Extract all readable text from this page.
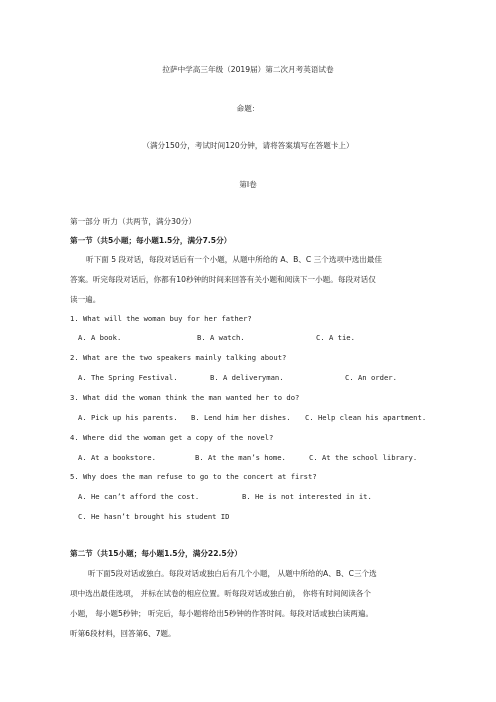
拉萨中学高三年级（2019届）第二次月考英语试卷
命题：
（满分150分，考试时间120分钟，请将答案填写在答题卡上）
第Ⅰ卷
第一部分 听力（共两节，满分30分）
第一节（共5小题；每小题1.5分，满分7.5分）
听下面 5 段对话，每段对话后有一个小题，从题中所给的 A、B、C 三个选项中选出最佳
答案。听完每段对话后，你都有10秒钟的时间来回答有关小题和阅读下一小题。每段对话仅
读一遍。
1. What will the woman buy for her father?
A. A book.	B. A watch.	C. A tie.
2. What are the two speakers mainly talking about?
A. The Spring Festival.	B. A deliveryman.	C. An order.
3. What did the woman think the man wanted her to do?
A. Pick up his parents. B. Lend him her dishes. C. Help clean his apartment.
4. Where did the woman get a copy of the novel?
A. At a bookstore.	B. At the man’s home.	C. At the school library.
5. Why does the man refuse to go to the concert at first?
A. He can’t afford the cost.	B. He is not interested in it.
C. He hasn’t brought his student ID
第二节（共15小题；每小题1.5分，满分22.5分）
听下面5段对话或独白。每段对话或独白后有几个小题， 从题中所给的A、B、C三个选
项中选出最佳选项， 并标在试卷的相应位置。听每段对话或独白前， 你将有时间阅读各个
小题， 每小题5秒钟； 听完后，每小题将给出5秒钟的作答时间。每段对话或独白读两遍。
听第6段材料，回答第6、7题。
